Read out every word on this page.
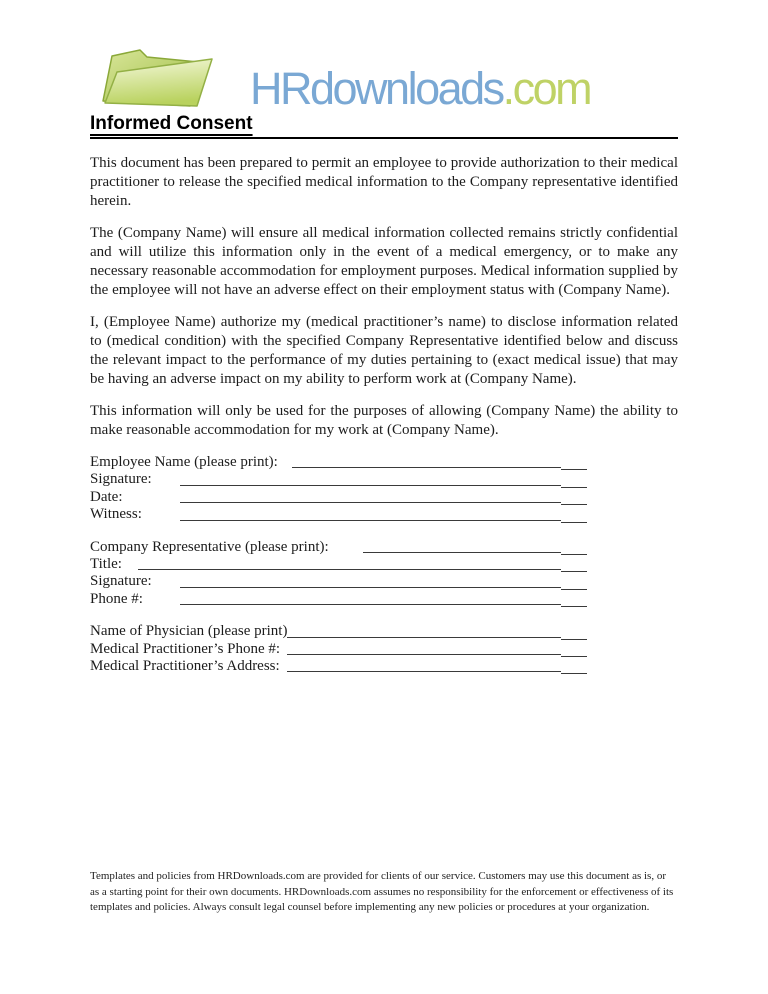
HRdownloads.com
Informed Consent

This document has been prepared to permit an employee to provide authorization to their medical practitioner to release the specified medical information to the Company representative identified herein.

The (Company Name) will ensure all medical information collected remains strictly confidential and will utilize this information only in the event of a medical emergency, or to make any necessary reasonable accommodation for employment purposes. Medical information supplied by the employee will not have an adverse effect on their employment status with (Company Name).

I, (Employee Name) authorize my (medical practitioner’s name) to disclose information related to (medical condition) with the specified Company Representative identified below and discuss the relevant impact to the performance of my duties pertaining to (exact medical issue) that may be having an adverse impact on my ability to perform work at (Company Name).

This information will only be used for the purposes of allowing (Company Name) the ability to make reasonable accommodation for my work at (Company Name).

Employee Name (please print):
Signature:
Date:
Witness:
Company Representative (please print):
Title:
Signature:
Phone #:
Name of Physician (please print)
Medical Practitioner’s Phone #:
Medical Practitioner’s Address:
Templates and policies from HRDownloads.com are provided for clients of our service. Customers may use this document as is, or as a starting point for their own documents. HRDownloads.com assumes no responsibility for the enforcement or effectiveness of its templates and policies. Always consult legal counsel before implementing any new policies or procedures at your organization.
